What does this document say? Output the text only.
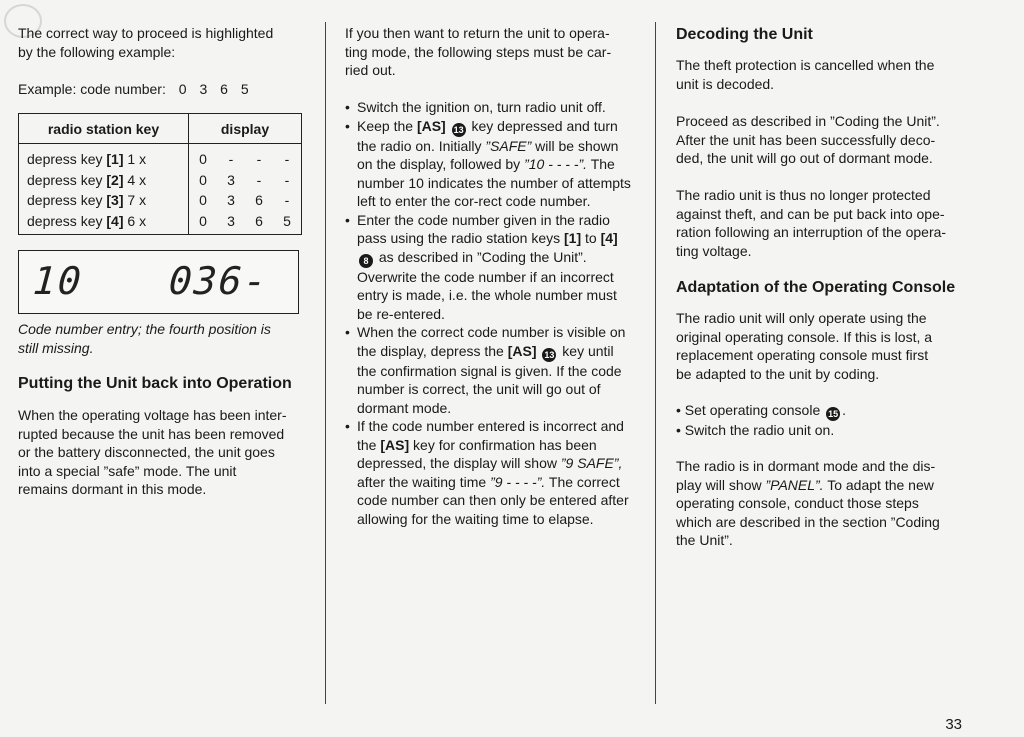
The correct way to proceed is highlighted

by the following example:

Example: code number: 0 3 6 5

radio station key	display			
depress key [1] 1 x	0	-	-	-
depress key [2] 4 x	0	3	-	-
depress key [3] 7 x	0	3	6	-
depress key [4] 6 x	0	3	6	5
10 036-

Code number entry; the fourth position is

still missing.

Putting the Unit back into Operation

When the operating voltage has been inter-

rupted because the unit has been removed

or the battery disconnected, the unit goes

into a special ”safe” mode. The unit

remains dormant in this mode.

If you then want to return the unit to opera-

ting mode, the following steps must be car-

ried out.

• Switch the ignition on, turn radio unit off.
• Keep the [AS] 13 key depressed and turn the radio on. Initially ”SAFE” will be shown on the display, followed by ”10 - - - -”. The number 10 indicates the number of attempts left to enter the cor-rect code number.
• Enter the code number given in the radio pass using the radio station keys [1] to [4] 8 as described in ”Coding the Unit”. Overwrite the code number if an incorrect entry is made, i.e. the whole number must be re-entered.
• When the correct code number is visible on the display, depress the [AS] 13 key until the confirmation signal is given. If the code number is correct, the unit will go out of dormant mode.
• If the code number entered is incorrect and the [AS] key for confirmation has been depressed, the display will show ”9 SAFE”, after the waiting time ”9 - - - -”. The correct code number can then only be entered after allowing for the waiting time to elapse.
Decoding the Unit

The theft protection is cancelled when the

unit is decoded.

Proceed as described in ”Coding the Unit”.

After the unit has been successfully deco-

ded, the unit will go out of dormant mode.

The radio unit is thus no longer protected

against theft, and can be put back into ope-

ration following an interruption of the opera-

ting voltage.

Adaptation of the Operating Console

The radio unit will only operate using the

original operating console. If this is lost, a

replacement operating console must first

be adapted to the unit by coding.

• Set operating console 15 .

• Switch the radio unit on.

The radio is in dormant mode and the dis-

play will show ”PANEL”. To adapt the new

operating console, conduct those steps

which are described in the section ”Coding

the Unit”.

33
